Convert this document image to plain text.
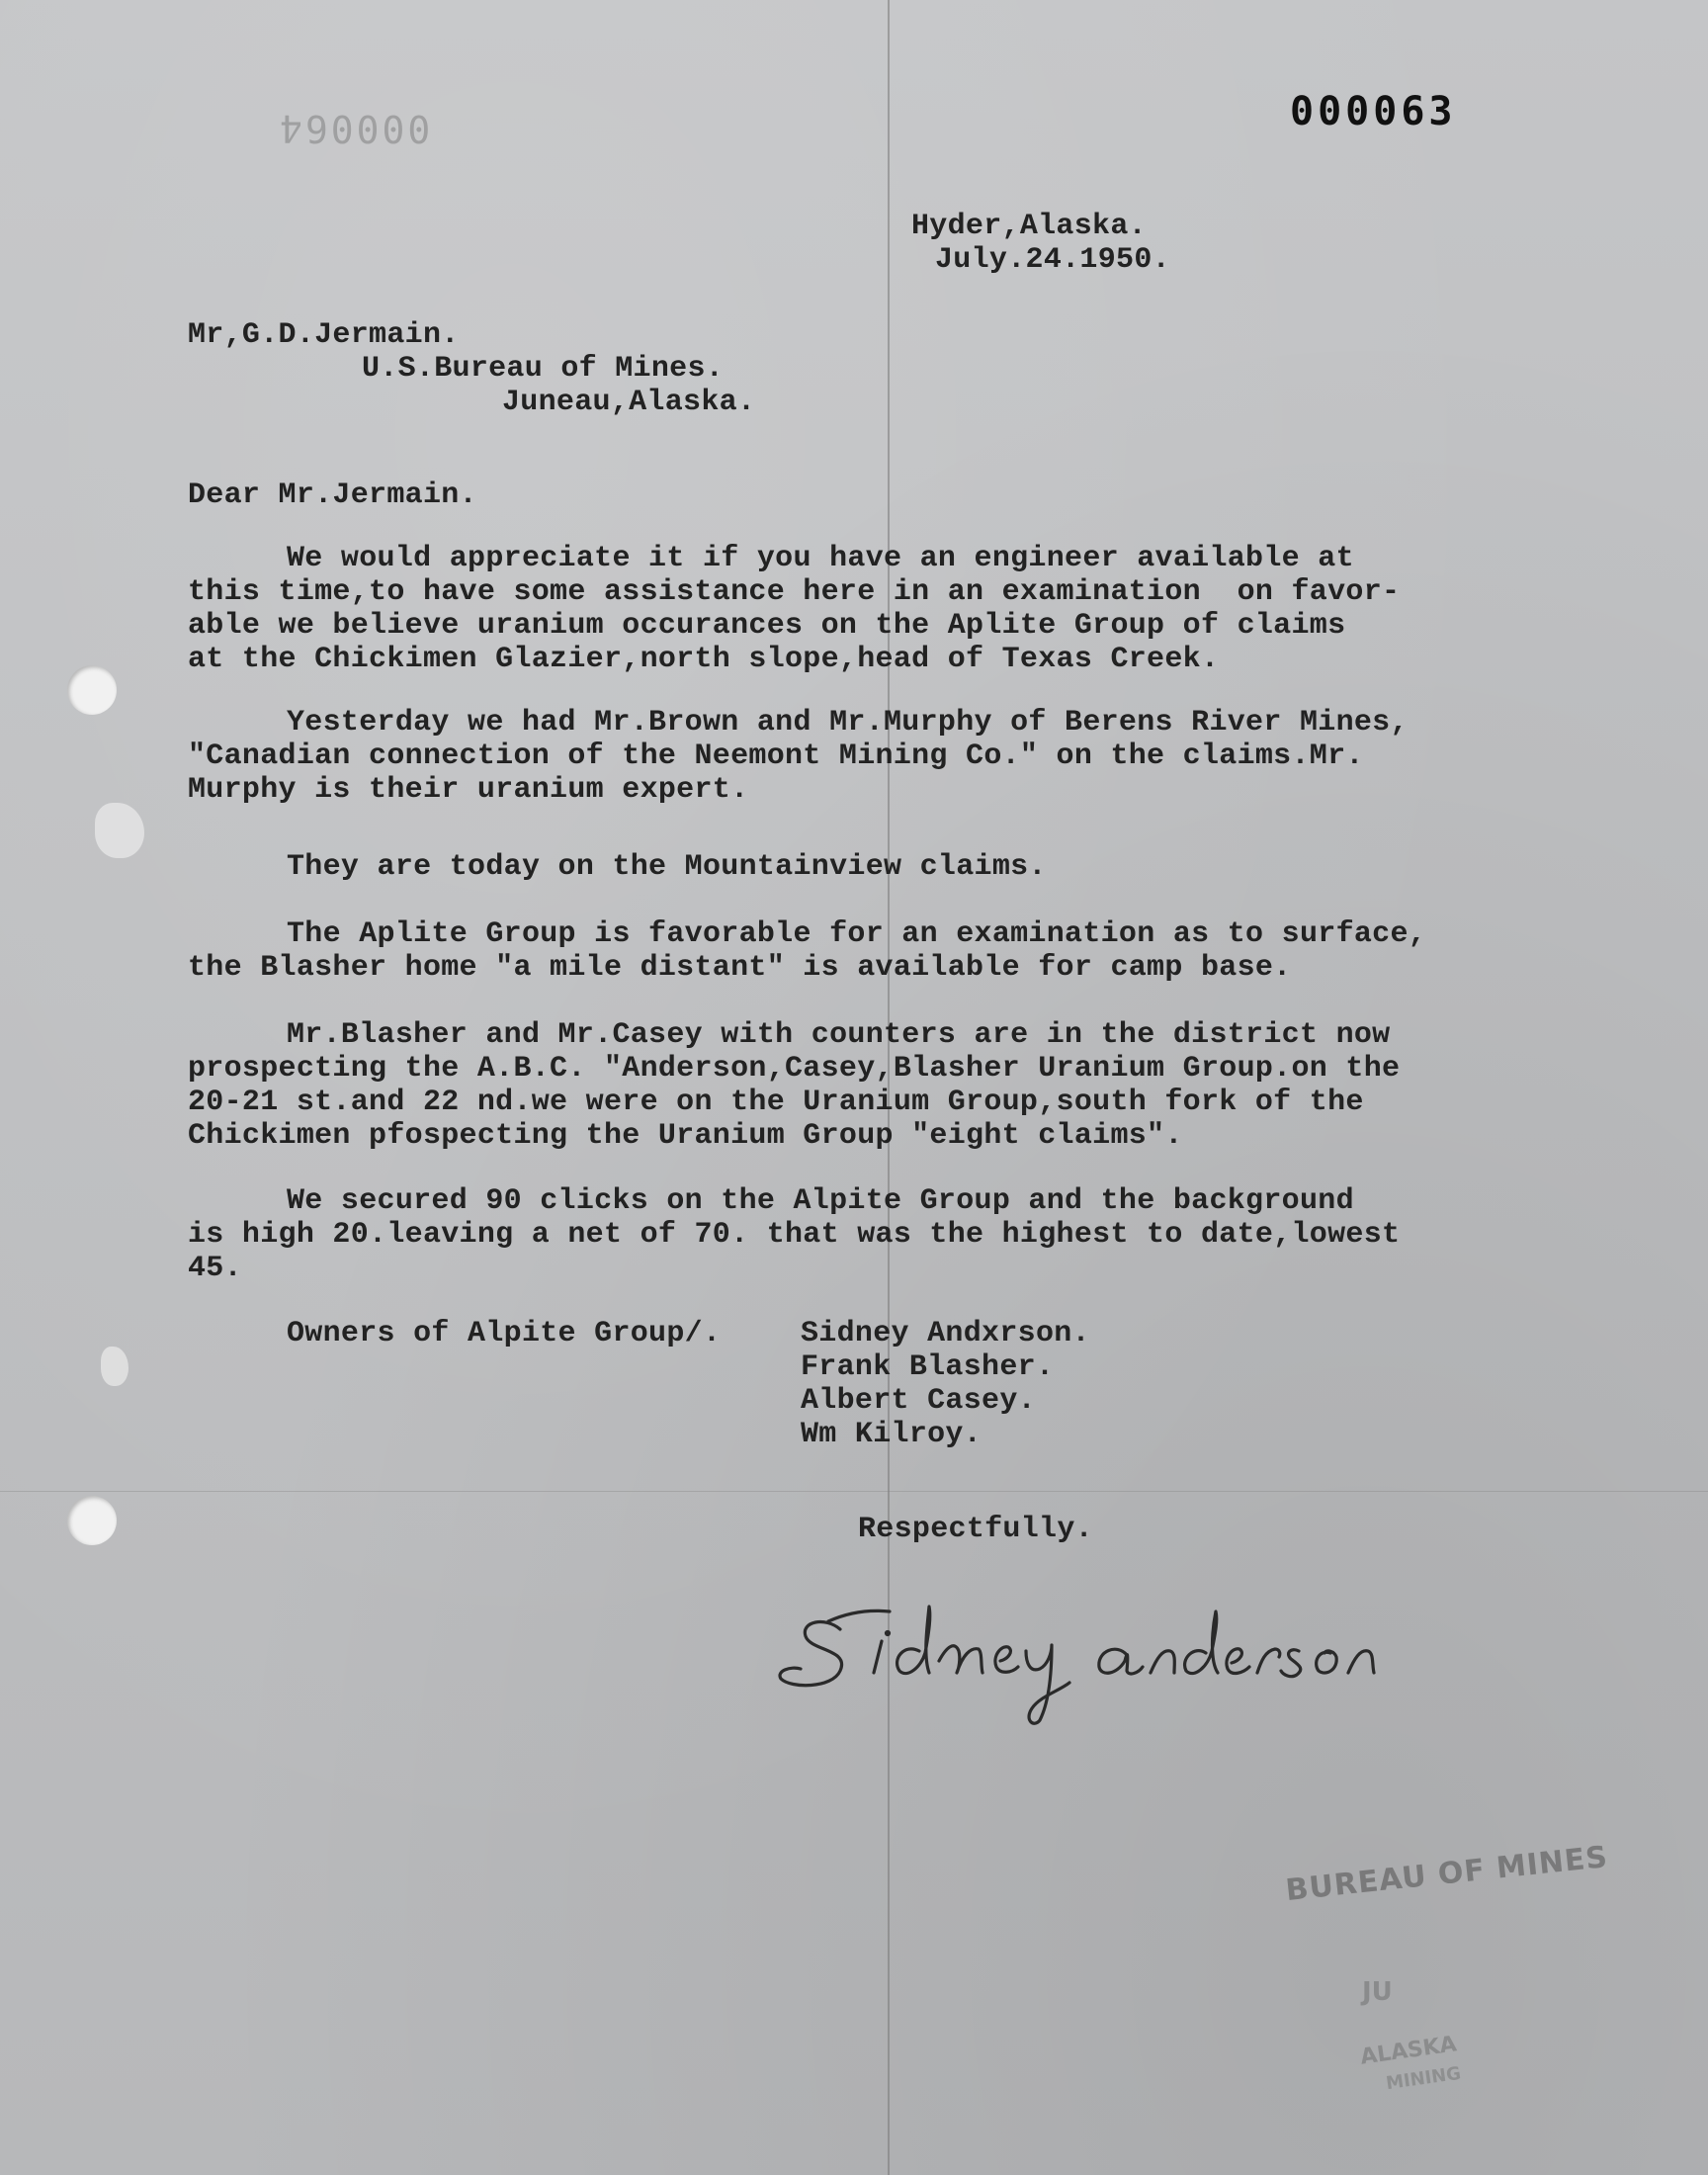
000064	000063
Hyder,Alaska.
July.24.1950.
Mr,G.D.Jermain.
U.S.Bureau of Mines.
Juneau,Alaska.
Dear Mr.Jermain.
We would appreciate it if you have an engineer available at
this time,to have some assistance here in an examination  on favor-
able we believe uranium occurances on the Aplite Group of claims
at the Chickimen Glazier,north slope,head of Texas Creek.
Yesterday we had Mr.Brown and Mr.Murphy of Berens River Mines,
"Canadian connection of the Neemont Mining Co." on the claims.Mr.
Murphy is their uranium expert.
They are today on the Mountainview claims.
The Aplite Group is favorable for an examination as to surface,
the Blasher home "a mile distant" is available for camp base.
Mr.Blasher and Mr.Casey with counters are in the district now
prospecting the A.B.C. "Anderson,Casey,Blasher Uranium Group.on the
20-21 st.and 22 nd.we were on the Uranium Group,south fork of the
Chickimen pfospecting the Uranium Group "eight claims".
We secured 90 clicks on the Alpite Group and the background
is high 20.leaving a net of 70. that was the highest to date,lowest
45.
Owners of Alpite Group/.	Sidney Andxrson.
Frank Blasher.
Albert Casey.
Wm Kilroy.
Respectfully.
BUREAU OF MINES
JU
ALASKA
MINING
